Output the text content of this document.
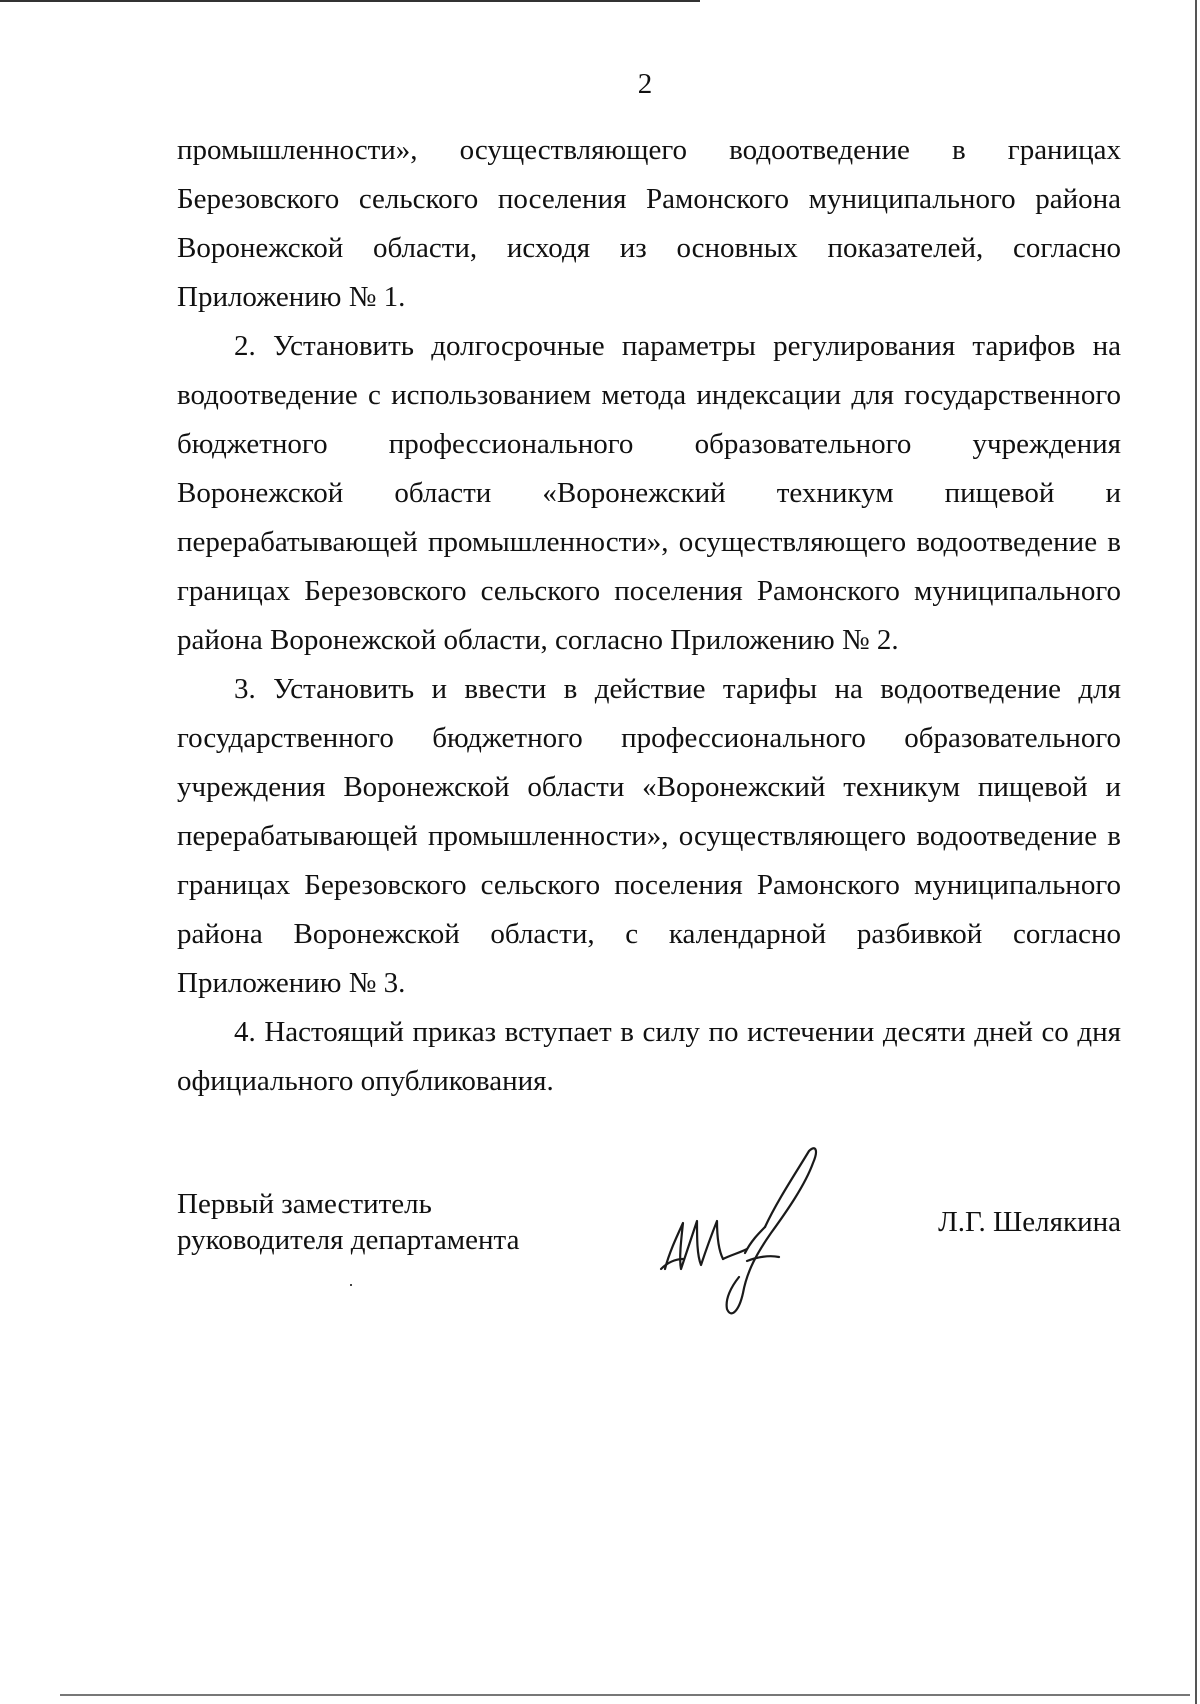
2

промышленности», осуществляющего водоотведение в границах Березовского сельского поселения Рамонского муниципального района Воронежской области, исходя из основных показателей, согласно Приложению № 1.

2. Установить долгосрочные параметры регулирования тарифов на водоотведение с использованием метода индексации для государственного бюджетного профессионального образовательного учреждения Воронежской области «Воронежский техникум пищевой и перерабатывающей промышленности», осуществляющего водоотведение в границах Березовского сельского поселения Рамонского муниципального района Воронежской области, согласно Приложению № 2.

3. Установить и ввести в действие тарифы на водоотведение для государственного бюджетного профессионального образовательного учреждения Воронежской области «Воронежский техникум пищевой и перерабатывающей промышленности», осуществляющего водоотведение в границах Березовского сельского поселения Рамонского муниципального района Воронежской области, с календарной разбивкой согласно Приложению № 3.

4. Настоящий приказ вступает в силу по истечении десяти дней со дня официального опубликования.

Первый заместитель
руководителя департамента
Л.Г. Шелякина
